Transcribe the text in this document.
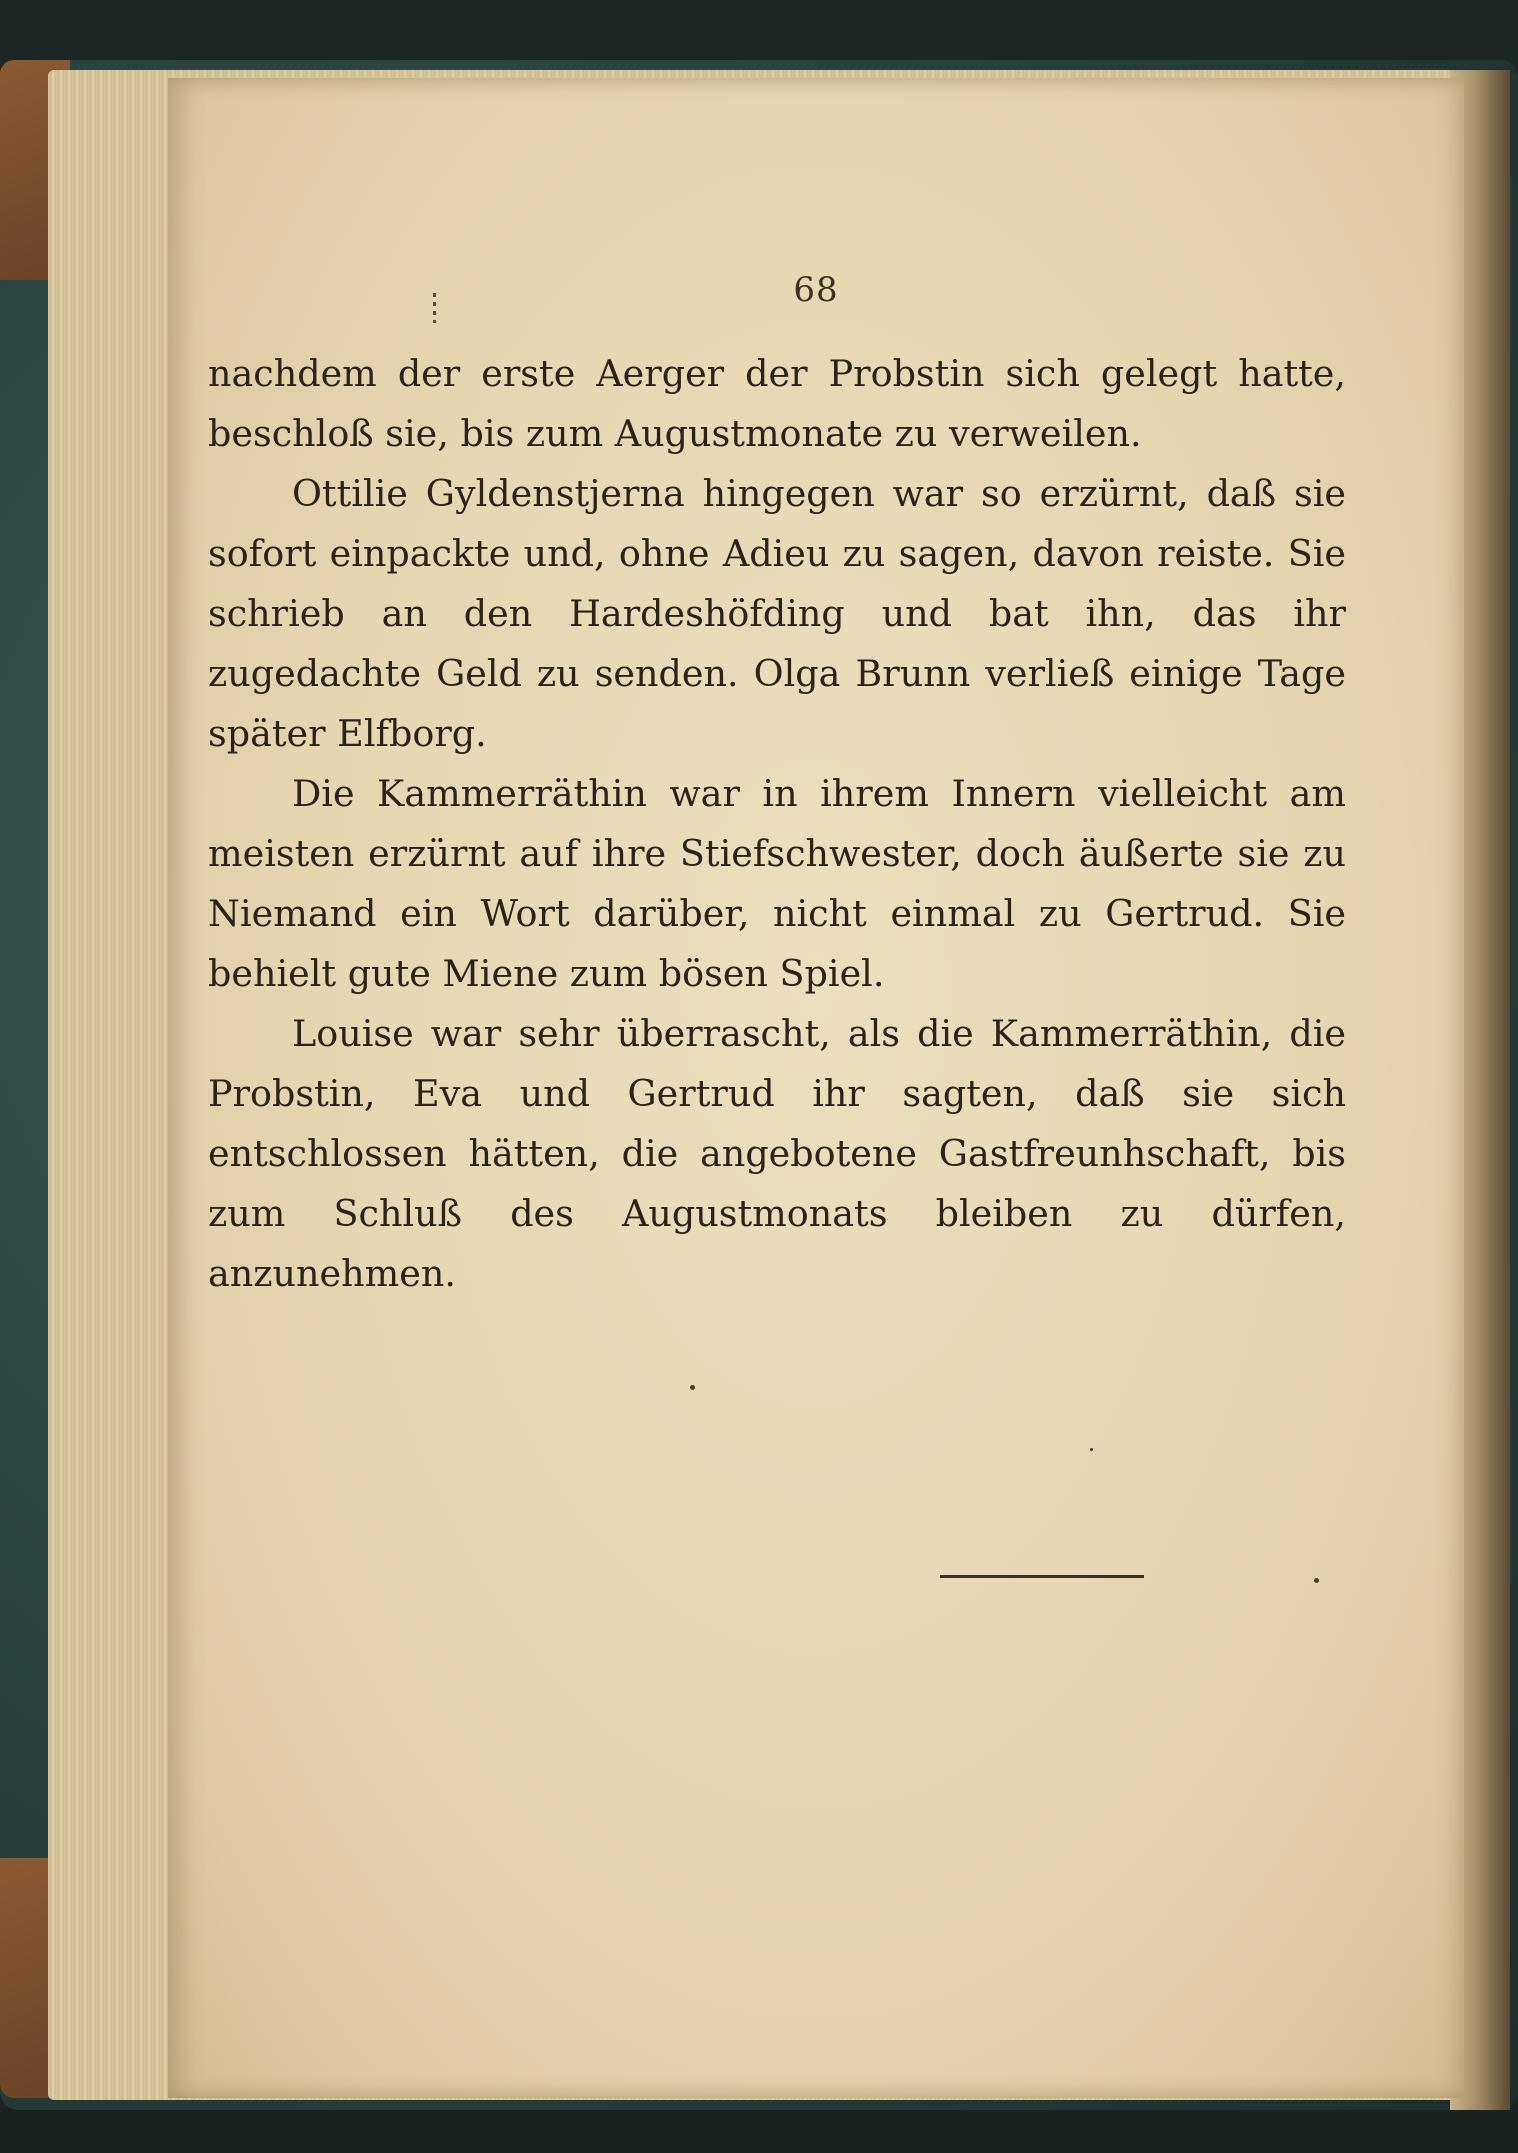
68

nachdem der erste Aerger der Probstin sich gelegt hatte, beschloß sie, bis zum Augustmonate zu verweilen.

Ottilie Gyldenstjerna hingegen war so erzürnt, daß sie sofort einpackte und, ohne Adieu zu sagen, davon reiste. Sie schrieb an den Hardeshöfding und bat ihn, das ihr zugedachte Geld zu senden. Olga Brunn verließ einige Tage später Elfborg.

Die Kammerräthin war in ihrem Innern vielleicht am meisten erzürnt auf ihre Stiefschwester, doch äußerte sie zu Niemand ein Wort darüber, nicht einmal zu Gertrud. Sie behielt gute Miene zum bösen Spiel.

Louise war sehr überrascht, als die Kammerräthin, die Probstin, Eva und Gertrud ihr sagten, daß sie sich entschlossen hätten, die angebotene Gastfreunhschaft, bis zum Schluß des Augustmonats bleiben zu dürfen, anzunehmen.
